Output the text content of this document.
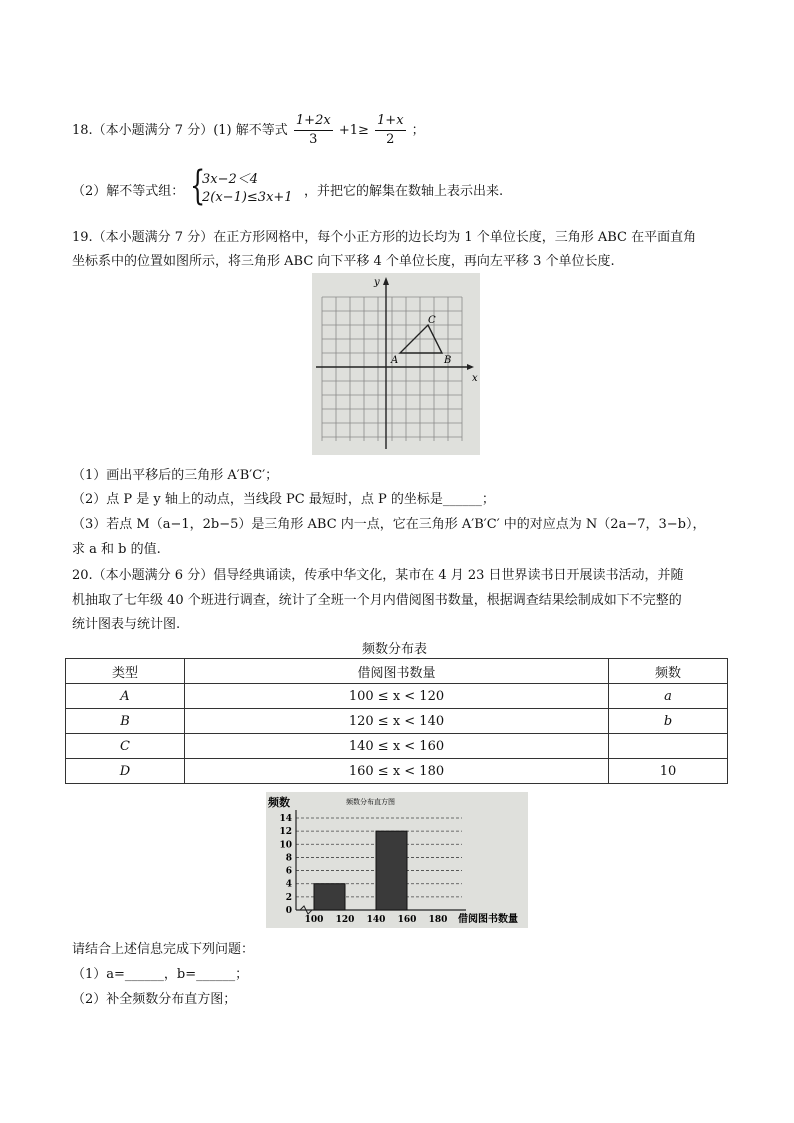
18.（本小题满分 7 分）(1) 解不等式 $\frac{1+2x}{3} +1\ge \frac{1+x}{2}$ ；
（2）解不等式组： {
3x−2＜4
2(x−1)≤3x+1 ，并把它的解集在数轴上表示出来.
19.（本小题满分 7 分）在正方形网格中，每个小正方形的边长均为 1 个单位长度，三角形 ABC 在平面直角
坐标系中的位置如图所示，将三角形 ABC 向下平移 4 个单位长度，再向左平移 3 个单位长度.
x
y
A	B
C
（1）画出平移后的三角形 A′B′C′；
（2）点 P 是 y 轴上的动点，当线段 PC 最短时，点 P 的坐标是______；
（3）若点 M（a−1，2b−5）是三角形 ABC 内一点，它在三角形 A′B′C′ 中的对应点为 N（2a−7，3−b），
求 a 和 b 的值.
20.（本小题满分 6 分）倡导经典诵读，传承中华文化，某市在 4 月 23 日世界读书日开展读书活动，并随
机抽取了七年级 40 个班进行调查，统计了全班一个月内借阅图书数量，根据调查结果绘制成如下不完整的
统计图表与统计图.
频数分布表
类型	借阅图书数量	频数
A	100 ≤ x < 120	a
B	120 ≤ x < 140	b
C	140 ≤ x < 160	
D	160 ≤ x < 180	10
频数	频数分布直方图
借阅图书数量
0
2
4
6
8
10
12
14
100 120 140 160 180
请结合上述信息完成下列问题：
（1）a=______，b=______；
（2）补全频数分布直方图；
